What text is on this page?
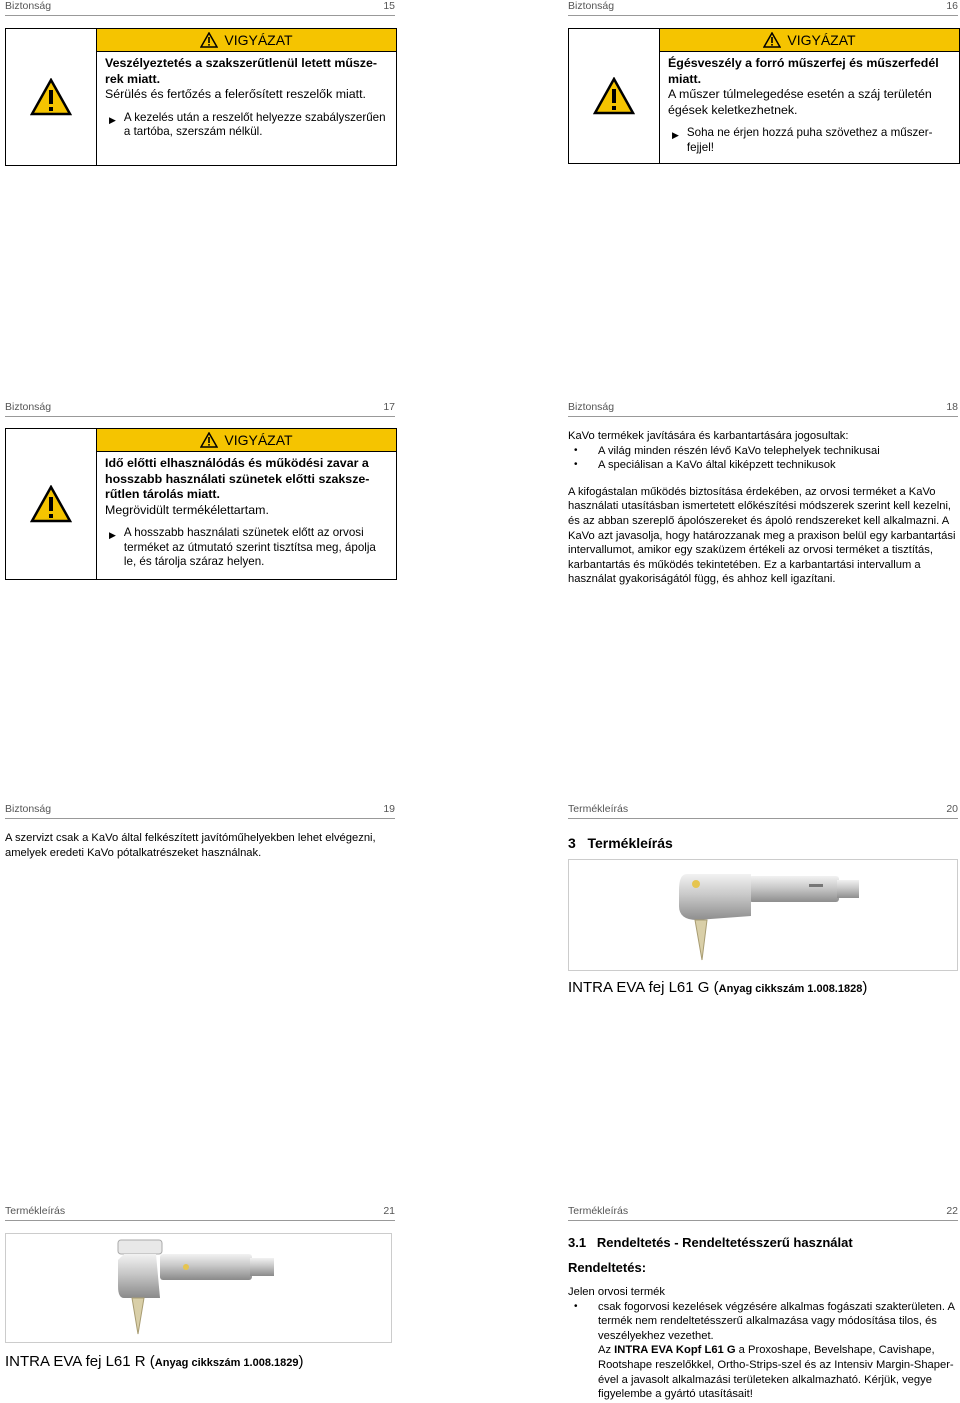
Biztonság	15
VIGYÁZAT
Veszélyeztetés a szakszerűtlenül letett műszerek miatt.
Sérülés és fertőzés a felerősített reszelők miatt.
▶ A kezelés után a reszelőt helyezze szabályszerűen a tartóba, szerszám nélkül.
Biztonság	16
VIGYÁZAT
Égésveszély a forró műszerfej és műszerfedél miatt.
A műszer túlmelegedése esetén a száj területén égések keletkezhetnek.
▶ Soha ne érjen hozzá puha szövethez a műszerfejjel!
Biztonság	17
VIGYÁZAT
Idő előtti elhasználódás és működési zavar a hosszabb használati szünetek előtti szakszerűtlen tárolás miatt.
Megrövidült termékélettartam.
▶ A hosszabb használati szünetek előtt az orvosi terméket az útmutató szerint tisztítsa meg, ápolja le, és tárolja száraz helyen.
Biztonság	18
KaVo termékek javítására és karbantartására jogosultak:
• A világ minden részén lévő KaVo telephelyek technikusai
• A speciálisan a KaVo által kiképzett technikusok
A kifogástalan működés biztosítása érdekében, az orvosi terméket a KaVo használati utasításban ismertetett előkészítési módszerek szerint kell kezelni, és az abban szereplő ápolószereket és ápoló rendszereket kell alkalmazni. A KaVo azt javasolja, hogy határozzanak meg a praxison belül egy karbantartási intervallumot, amikor egy szaküzem értékeli az orvosi terméket a tisztítás, karbantartás és működés tekintetében. Ez a karbantartási intervallum a használat gyakoriságától függ, és ahhoz kell igazítani.
Biztonság	19
A szervizt csak a KaVo által felkészített javítóműhelyekben lehet elvégezni, amelyek eredeti KaVo pótalkatrészeket használnak.
Termékleírás	20
3 Termékleírás
INTRA EVA fej L61 G (Anyag cikkszám 1.008.1828)
Termékleírás	21
INTRA EVA fej L61 R (Anyag cikkszám 1.008.1829)
Termékleírás	22
3.1 Rendeltetés - Rendeltetésszerű használat
Rendeltetés:
Jelen orvosi termék
• csak fogorvosi kezelések végzésére alkalmas fogászati szakterületen. A termék nem rendeltetésszerű alkalmazása vagy módosítása tilos, és veszélyekhez vezethet.
Az INTRA EVA Kopf L61 G a Proxoshape, Bevelshape, Cavishape, Rootshape reszelőkkel, Ortho-Strips-szel és az Intensiv Margin-Shaper-ével a javasolt alkalmazási területeken alkalmazható. Kérjük, vegye figyelembe a gyártó utasításait!
